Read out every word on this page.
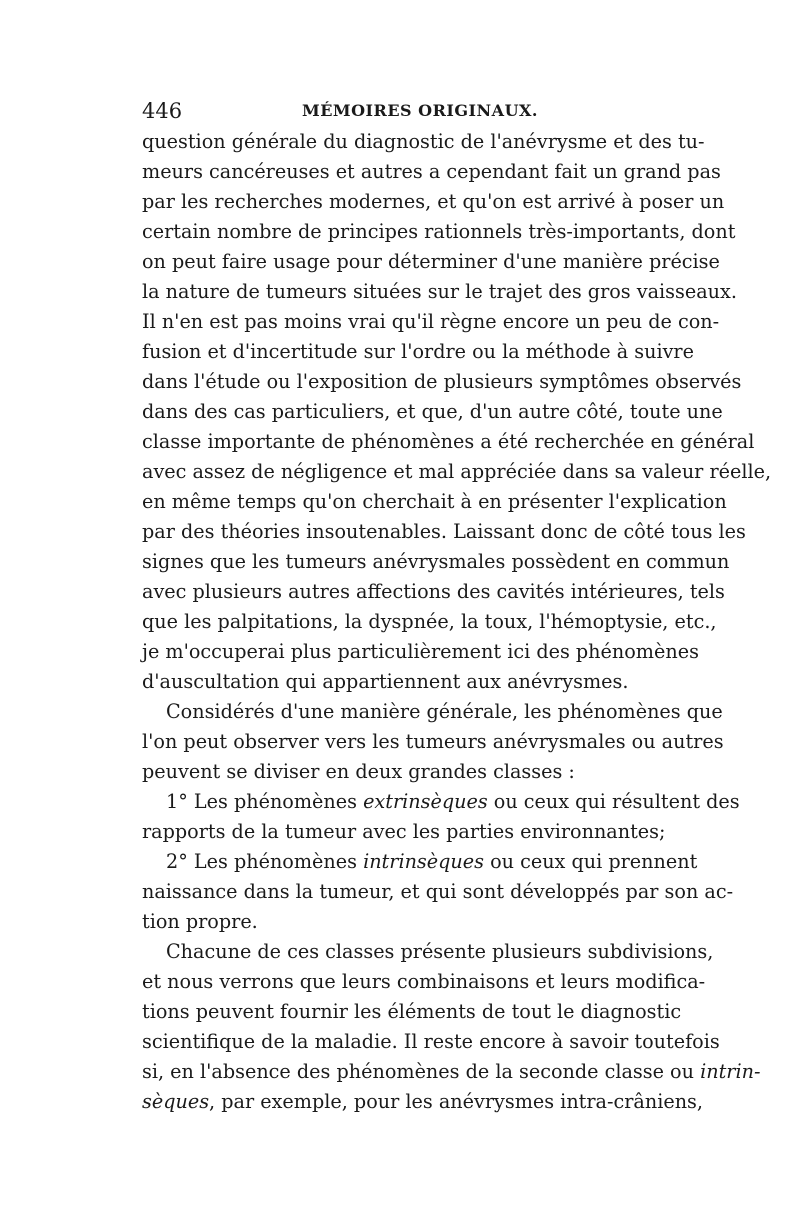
446	MÉMOIRES ORIGINAUX.
question générale du diagnostic de l'anévrysme et des tu-
meurs cancéreuses et autres a cependant fait un grand pas
par les recherches modernes, et qu'on est arrivé à poser un
certain nombre de principes rationnels très-importants, dont
on peut faire usage pour déterminer d'une manière précise
la nature de tumeurs situées sur le trajet des gros vaisseaux.
Il n'en est pas moins vrai qu'il règne encore un peu de con-
fusion et d'incertitude sur l'ordre ou la méthode à suivre
dans l'étude ou l'exposition de plusieurs symptômes observés
dans des cas particuliers, et que, d'un autre côté, toute une
classe importante de phénomènes a été recherchée en général
avec assez de négligence et mal appréciée dans sa valeur réelle,
en même temps qu'on cherchait à en présenter l'explication
par des théories insoutenables. Laissant donc de côté tous les
signes que les tumeurs anévrysmales possèdent en commun
avec plusieurs autres affections des cavités intérieures, tels
que les palpitations, la dyspnée, la toux, l'hémoptysie, etc.,
je m'occuperai plus particulièrement ici des phénomènes
d'auscultation qui appartiennent aux anévrysmes.
Considérés d'une manière générale, les phénomènes que
l'on peut observer vers les tumeurs anévrysmales ou autres
peuvent se diviser en deux grandes classes :
1° Les phénomènes extrinsèques ou ceux qui résultent des
rapports de la tumeur avec les parties environnantes;
2° Les phénomènes intrinsèques ou ceux qui prennent
naissance dans la tumeur, et qui sont développés par son ac-
tion propre.
Chacune de ces classes présente plusieurs subdivisions,
et nous verrons que leurs combinaisons et leurs modifica-
tions peuvent fournir les éléments de tout le diagnostic
scientifique de la maladie. Il reste encore à savoir toutefois
si, en l'absence des phénomènes de la seconde classe ou intrin-
sèques, par exemple, pour les anévrysmes intra-crâniens,
